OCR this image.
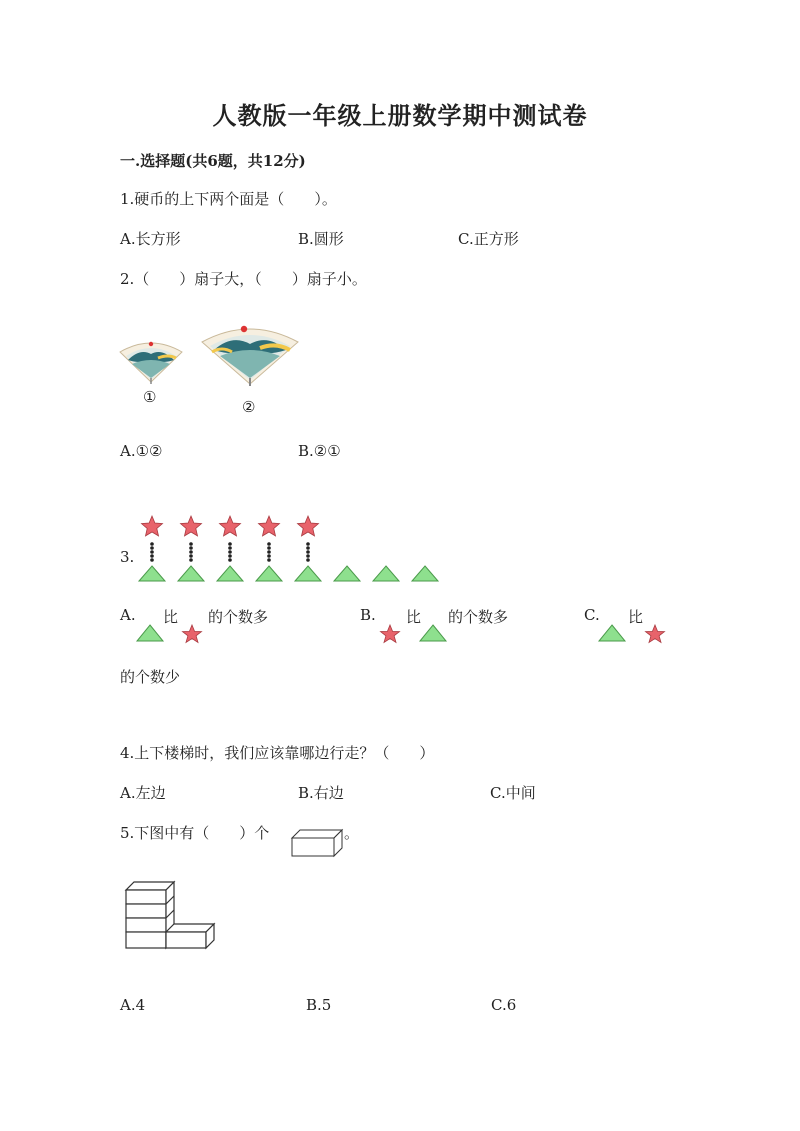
人教版一年级上册数学期中测试卷
一.选择题(共6题，共12分)
1.硬币的上下两个面是（　　）。
A.长方形	B.圆形	C.正方形
2.（　　）扇子大，（　　）扇子小。
①
②
A.①②	B.②①
3.
A. 比 的个数多	B. 比 的个数多	C. 比
的个数少
4.上下楼梯时，我们应该靠哪边行走？（　　）
A.左边	B.右边	C.中间
5.下图中有（　　）个	。
A.4	B.5	C.6
